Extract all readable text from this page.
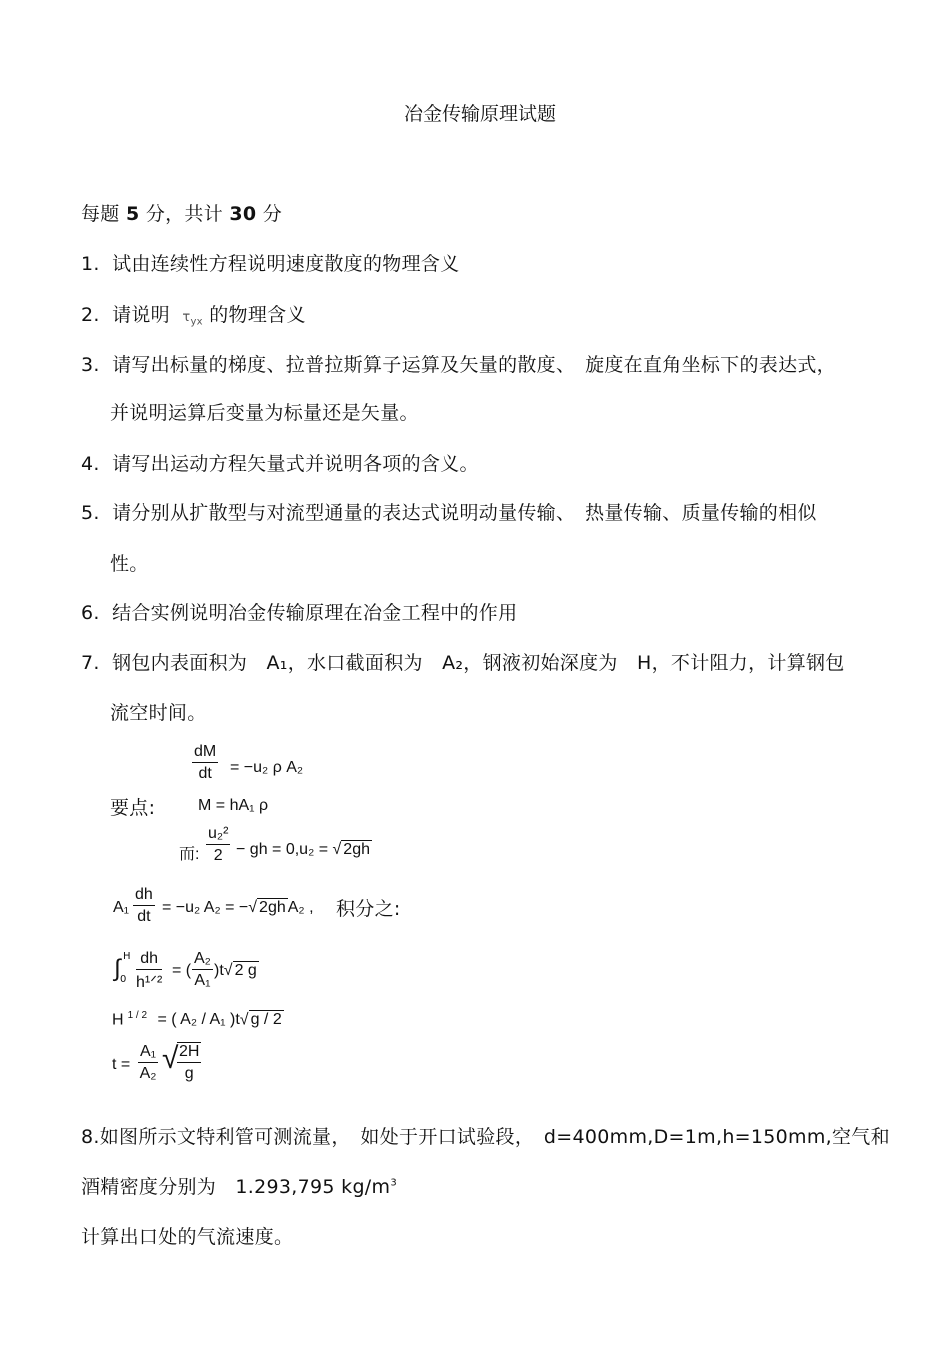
冶金传输原理试题
每题 5 分，共计 30 分
1. 试由连续性方程说明速度散度的物理含义
2. 请说明 $\tau_{yx}$ 的物理含义
3. 请写出标量的梯度、拉普拉斯算子运算及矢量的散度、　旋度在直角坐标下的表达式，
并说明运算后变量为标量还是矢量。
4. 请写出运动方程矢量式并说明各项的含义。
5. 请分别从扩散型与对流型通量的表达式说明动量传输、　热量传输、质量传输的相似
性。
6. 结合实例说明冶金传输原理在冶金工程中的作用
7. 钢包内表面积为　A₁，水口截面积为　A₂，钢液初始深度为　H，不计阻力，计算钢包
流空时间。
$\frac{dM}{dt} = -u_2$ ρ A₂
要点:	M = hA₁ ρ
而: $\frac{\text{u₂²}}{2}$ − gh = 0,u₂ = √ 2gh
$A_1 \frac{dh}{dt} = -u_2$ A₂ = −√ 2gh A₂ , 积分之:
∫ H
0
dh
h¹ᐟ²
= ( $\frac{\text{A₂}}{\text{A₁}} )t√$ 2 g
H $^{1 / 2}$ = ( A₂ / A₁ )t√ g / 2
$t = \frac{\text{A₁}}{\text{A₂}}$ √
$\frac{2H}{g}$
8.如图所示文特利管可测流量，　如处于开口试验段，　d=400mm,D=1m,h=150mm,空气和
酒精密度分别为　1.293,795 $kg/m^3$
计算出口处的气流速度。
